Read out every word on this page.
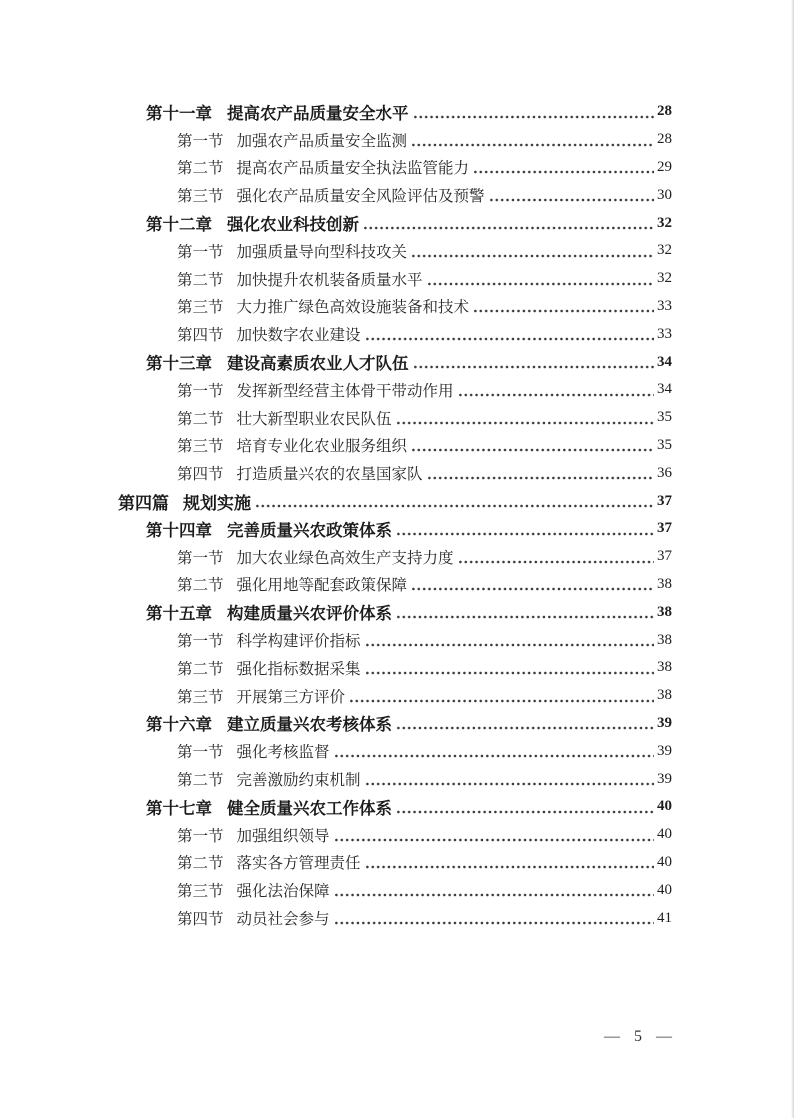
第十一章 提高农产品质量安全水平	28
第一节 加强农产品质量安全监测	28
第二节 提高农产品质量安全执法监管能力	29
第三节 强化农产品质量安全风险评估及预警	30
第十二章 强化农业科技创新	32
第一节 加强质量导向型科技攻关	32
第二节 加快提升农机装备质量水平	32
第三节 大力推广绿色高效设施装备和技术	33
第四节 加快数字农业建设	33
第十三章 建设高素质农业人才队伍	34
第一节 发挥新型经营主体骨干带动作用	34
第二节 壮大新型职业农民队伍	35
第三节 培育专业化农业服务组织	35
第四节 打造质量兴农的农垦国家队	36
第四篇 规划实施	37
第十四章 完善质量兴农政策体系	37
第一节 加大农业绿色高效生产支持力度	37
第二节 强化用地等配套政策保障	38
第十五章 构建质量兴农评价体系	38
第一节 科学构建评价指标	38
第二节 强化指标数据采集	38
第三节 开展第三方评价	38
第十六章 建立质量兴农考核体系	39
第一节 强化考核监督	39
第二节 完善激励约束机制	39
第十七章 健全质量兴农工作体系	40
第一节 加强组织领导	40
第二节 落实各方管理责任	40
第三节 强化法治保障	40
第四节 动员社会参与	41
— 5 —
